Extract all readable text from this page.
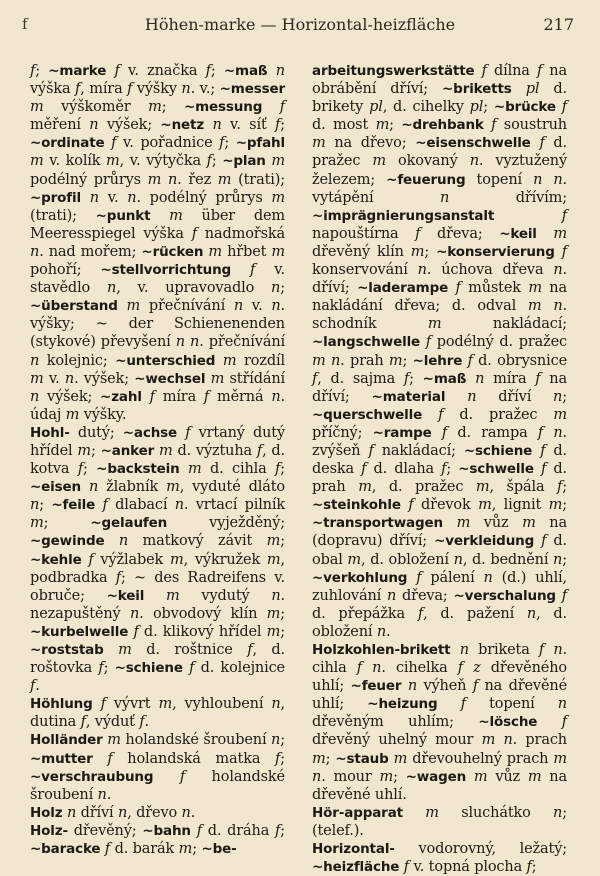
f	Höhen-marke — Horizontal-heizfläche	217

f; ~marke f v. značka f; ~maß n výška f, míra f výšky n. v.; ~messer m výškoměr m; ~messung f měření n výšek; ~netz n v. síť f; ~ordinate f v. pořadnice f; ~pfahl m v. kolík m, v. výtyčka f; ~plan m podélný průrys m n. řez m (trati); ~profil n v. n. podélný průrys m (trati); ~punkt m über dem Meeresspiegel výška f nadmořská n. nad mořem; ~rücken m hřbet m pohoří; ~stellvorrichtung f v. stavědlo n, v. upravovadlo n; ~überstand m přečnívání n v. n. výšky; ~ der Schienenenden (stykové) převyšení n n. přečnívání n kolejnic; ~unterschied m rozdíl m v. n. výšek; ~wechsel m střídání n výšek; ~zahl f míra f měrná n. údaj m výšky.

Hohl- dutý; ~achse f vrtaný dutý hřídel m; ~anker m d. výztuha f, d. kotva f; ~backstein m d. cihla f; ~eisen n žlabník m, vyduté dláto n; ~feile f dlabací n. vrtací pilník m; ~gelaufen vyježděný; ~gewinde n matkový závit m; ~kehle f výžlabek m, výkružek m, podbradka f; ~ des Radreifens v. obruče; ~keil m vydutý n. nezapuštěný n. obvodový klín m; ~kurbelwelle f d. klikový hřídel m; ~roststab m d. roštnice f, d. roštovka f; ~schiene f d. kolejnice f.

Höhlung f vývrt m, vyhloubení n, dutina f, výduť f.

Holländer m holandské šroubení n; ~mutter f holandská matka f; ~verschraubung f holandské šroubení n.

Holz n dříví n, dřevo n.

Holz- dřevěný; ~bahn f d. dráha f; ~baracke f d. barák m; ~be-

arbeitungswerkstätte f dílna f na obrábění dříví; ~briketts pl d. brikety pl, d. cihelky pl; ~brücke f d. most m; ~drehbank f soustruh m na dřevo; ~eisenschwelle f d. pražec m okovaný n. vyztužený železem; ~feuerung topení n n. vytápění n dřívím; ~imprägnierungsanstalt	f napouštírna f dřeva; ~keil m dřevěný klín m; ~konservierung f konservování n. úchova dřeva n. dříví; ~laderampe f můstek m na nakládání dřeva; d. odval m n. schodník m nakládací; ~langschwelle f podélný d. pražec m n. prah m; ~lehre f d. obrysnice f, d. sajma f; ~maß n míra f na dříví; ~material n dříví n; ~querschwelle f d. pražec m příčný; ~rampe f d. rampa f n. zvýšeň f nakládací; ~schiene f d. deska f d. dlaha f; ~schwelle f d. prah m, d. pražec m, špála f; ~steinkohle f dřevok m, lignit m; ~transportwagen m vůz m na (dopravu) dříví; ~verkleidung f d. obal m, d. obložení n, d. bednění n; ~verkohlung f pálení n (d.) uhlí, zuhlování n dřeva; ~verschalung f d. přepážka f, d. pažení n, d. obložení n.

Holzkohlen-brikett n briketa f n. cihla f n. cihelka f z dřevěného uhlí; ~feuer n výheň f na dřevěné uhlí; ~heizung f topení n dřevěným uhlím; ~lösche f dřevěný uhelný mour m n. prach m; ~staub m dřevouhelný prach m n. mour m; ~wagen m vůz m na dřevěné uhlí.

Hör-apparat m sluchátko n; (telef.).

Horizontal- vodorovný, ležatý; ~heizfläche f v. topná plocha f;
